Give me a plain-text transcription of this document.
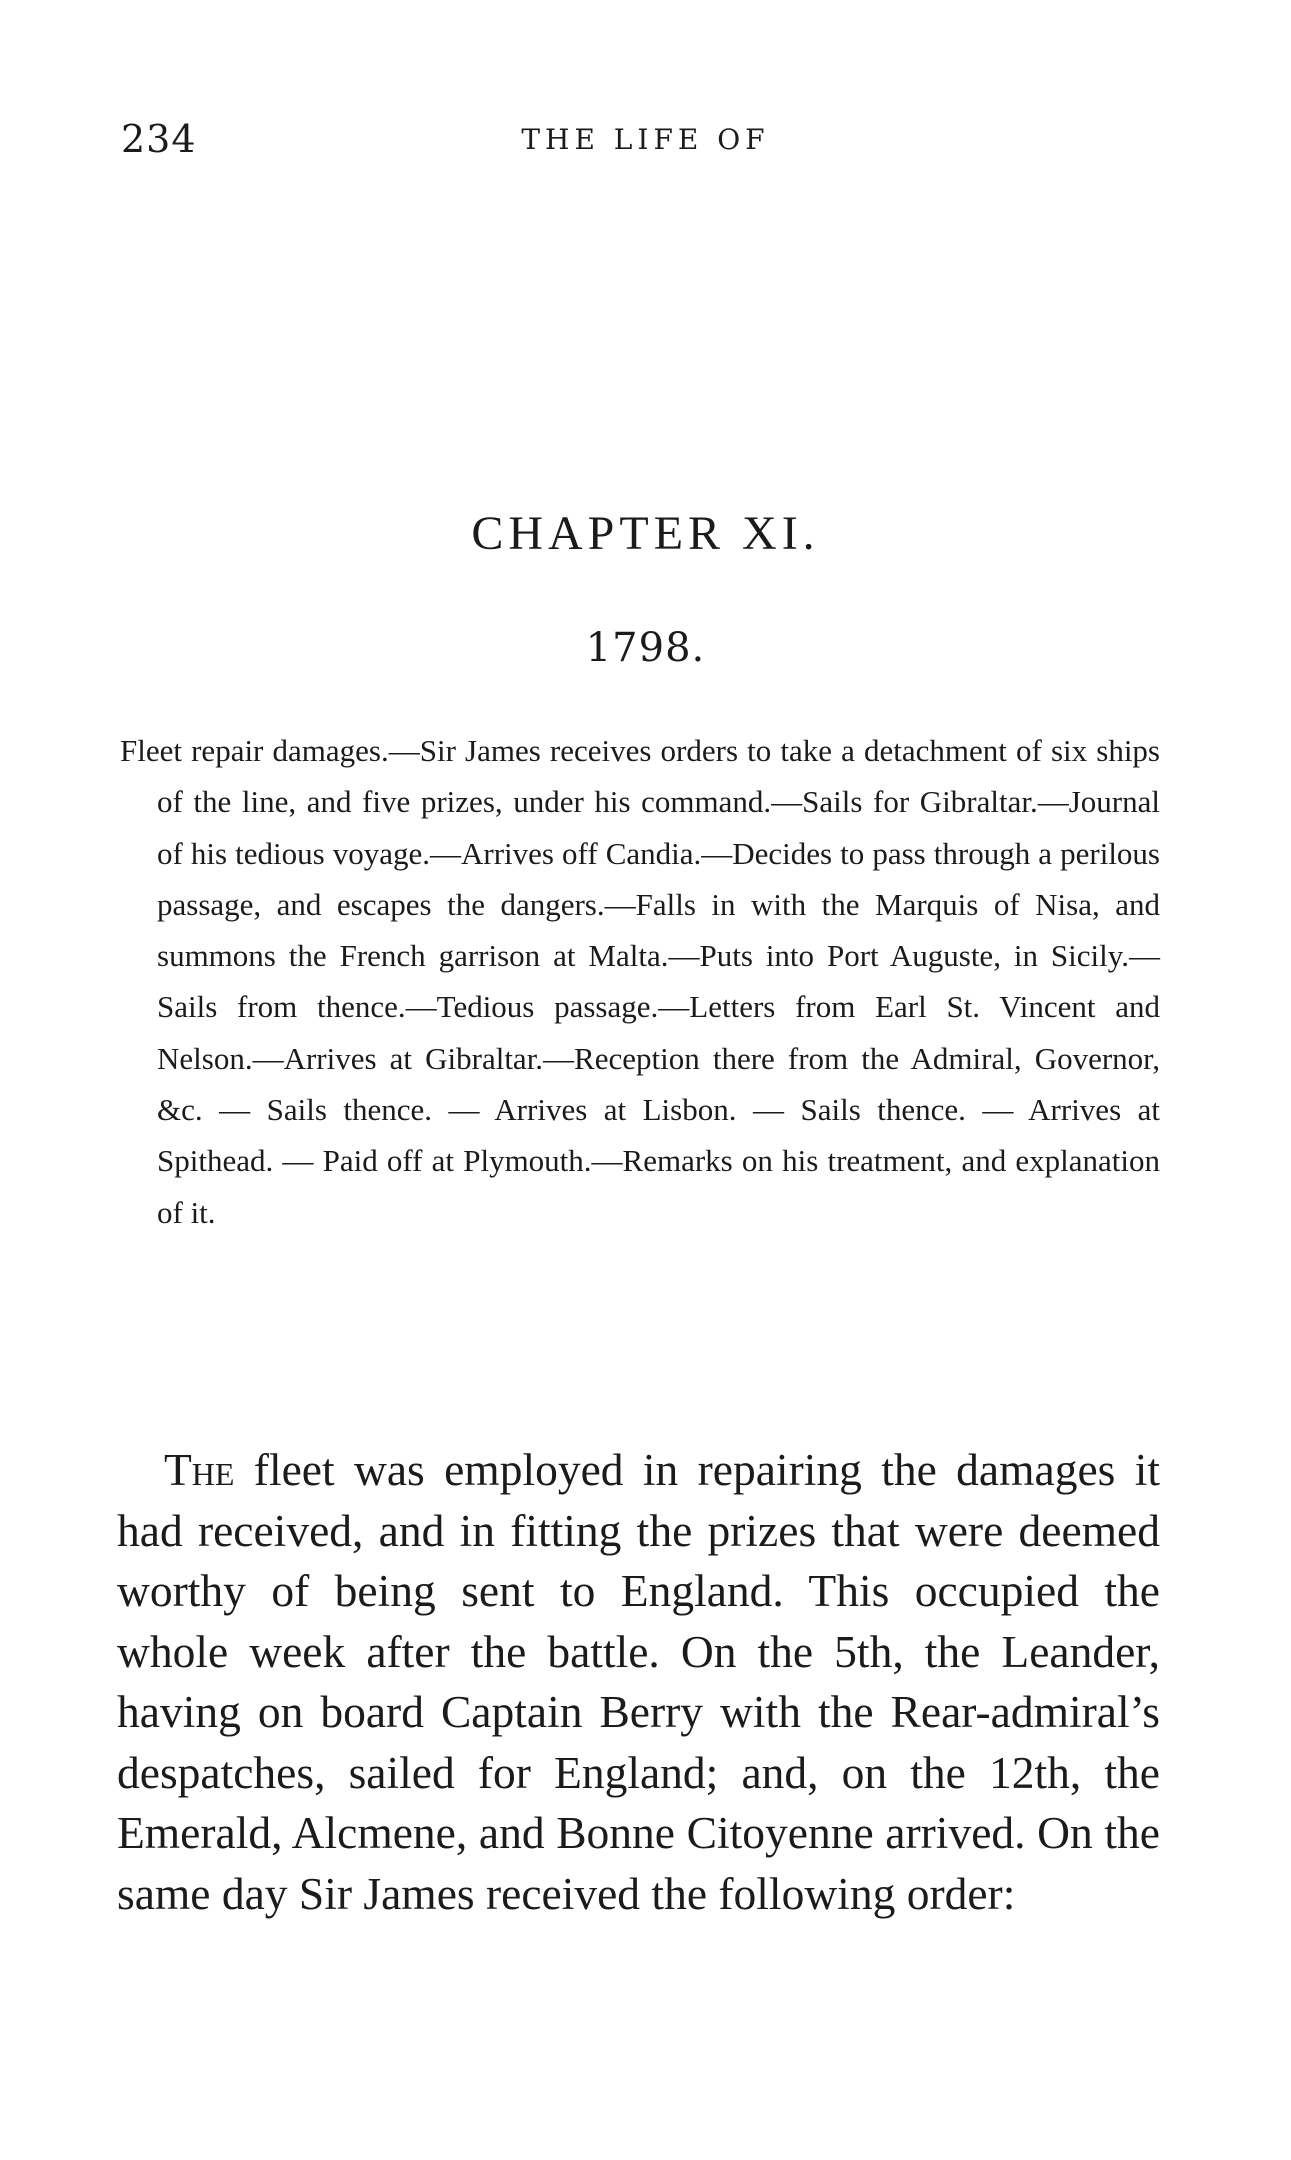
234	THE LIFE OF
CHAPTER XI.
1798.

Fleet repair damages.—Sir James receives orders to take a detachment of six ships of the line, and five prizes, under his command.—Sails for Gibraltar.—Journal of his tedious voyage.—Arrives off Candia.—Decides to pass through a perilous passage, and escapes the dangers.—Falls in with the Marquis of Nisa, and summons the French garrison at Malta.—Puts into Port Auguste, in Sicily.—Sails from thence.—Tedious passage.—Letters from Earl St. Vincent and Nelson.—Arrives at Gibraltar.—Reception there from the Admiral, Governor, &c. — Sails thence. — Arrives at Lisbon. — Sails thence. — Arrives at Spithead. — Paid off at Plymouth.—Remarks on his treatment, and explanation of it.

The fleet was employed in repairing the damages it had received, and in fitting the prizes that were deemed worthy of being sent to England. This occupied the whole week after the battle. On the 5th, the Leander, having on board Captain Berry with the Rear-admiral’s despatches, sailed for England; and, on the 12th, the Emerald, Alcmene, and Bonne Citoyenne arrived. On the same day Sir James received the following order:
